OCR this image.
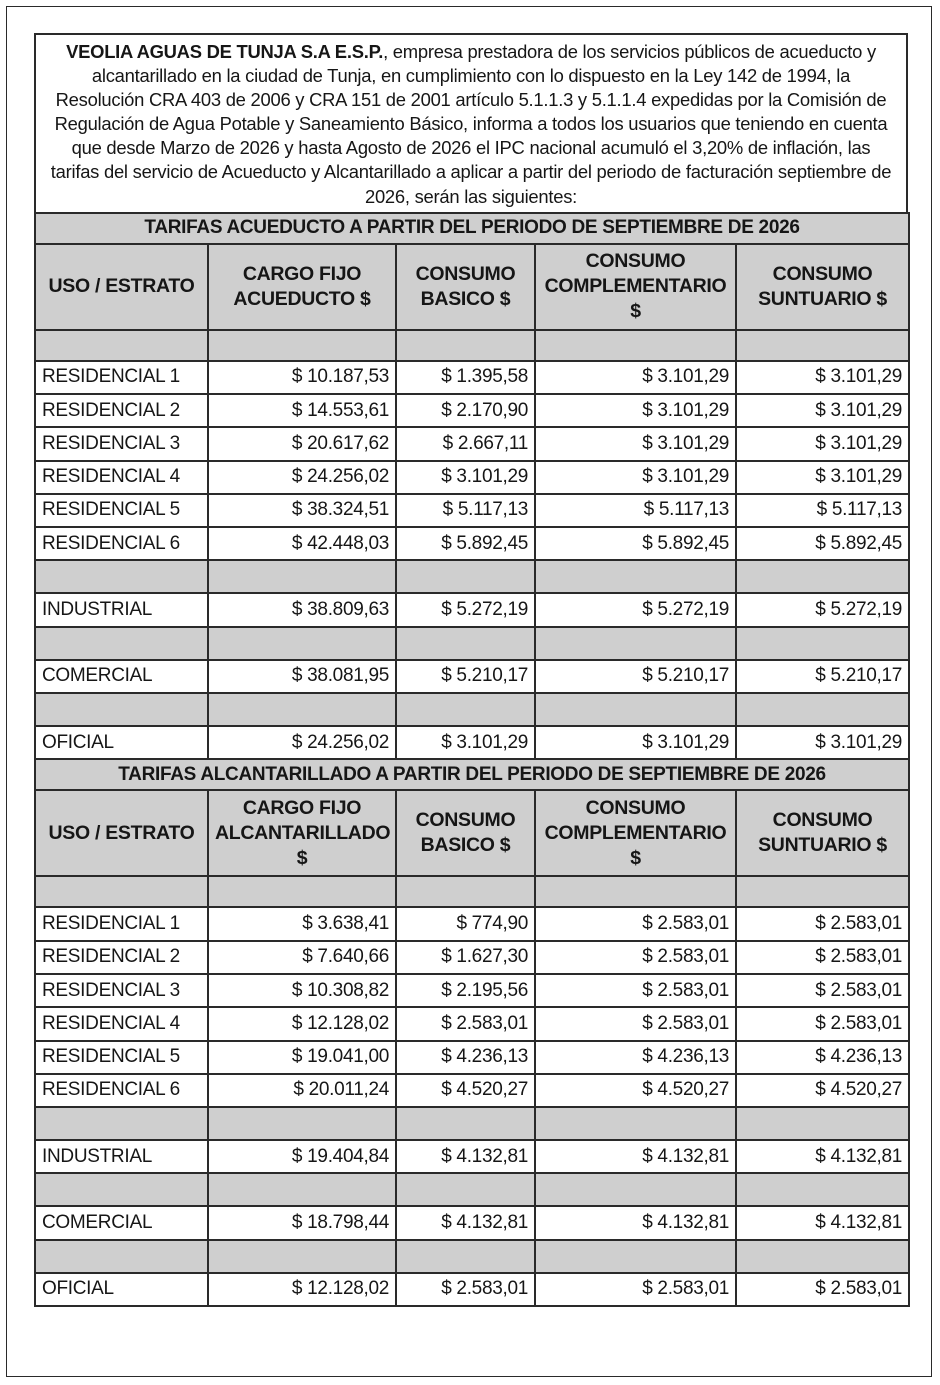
VEOLIA AGUAS DE TUNJA S.A E.S.P., empresa prestadora de los servicios públicos de acueducto y alcantarillado en la ciudad de Tunja, en cumplimiento con lo dispuesto en la Ley 142 de 1994, la Resolución CRA 403 de 2006 y CRA 151 de 2001 artículo 5.1.1.3 y 5.1.1.4 expedidas por la Comisión de Regulación de Agua Potable y Saneamiento Básico, informa a todos los usuarios que teniendo en cuenta que desde Marzo de 2026 y hasta Agosto de 2026 el IPC nacional acumuló el 3,20% de inflación, las tarifas del servicio de Acueducto y Alcantarillado a aplicar a partir del periodo de facturación septiembre de 2026, serán las siguientes:
TARIFAS ACUEDUCTO A PARTIR DEL PERIODO DE SEPTIEMBRE DE 2026				
USO / ESTRATO	CARGO FIJO ACUEDUCTO $	CONSUMO BASICO $	CONSUMO COMPLEMENTARIO $	CONSUMO SUNTUARIO $

RESIDENCIAL 1	$ 10.187,53	$ 1.395,58	$ 3.101,29	$ 3.101,29
RESIDENCIAL 2	$ 14.553,61	$ 2.170,90	$ 3.101,29	$ 3.101,29
RESIDENCIAL 3	$ 20.617,62	$ 2.667,11	$ 3.101,29	$ 3.101,29
RESIDENCIAL 4	$ 24.256,02	$ 3.101,29	$ 3.101,29	$ 3.101,29
RESIDENCIAL 5	$ 38.324,51	$ 5.117,13	$ 5.117,13	$ 5.117,13
RESIDENCIAL 6	$ 42.448,03	$ 5.892,45	$ 5.892,45	$ 5.892,45

INDUSTRIAL	$ 38.809,63	$ 5.272,19	$ 5.272,19	$ 5.272,19

COMERCIAL	$ 38.081,95	$ 5.210,17	$ 5.210,17	$ 5.210,17

OFICIAL	$ 24.256,02	$ 3.101,29	$ 3.101,29	$ 3.101,29
TARIFAS ALCANTARILLADO A PARTIR DEL PERIODO DE SEPTIEMBRE DE 2026				
USO / ESTRATO	CARGO FIJO ALCANTARILLADO $	CONSUMO BASICO $	CONSUMO COMPLEMENTARIO $	CONSUMO SUNTUARIO $

RESIDENCIAL 1	$ 3.638,41	$ 774,90	$ 2.583,01	$ 2.583,01
RESIDENCIAL 2	$ 7.640,66	$ 1.627,30	$ 2.583,01	$ 2.583,01
RESIDENCIAL 3	$ 10.308,82	$ 2.195,56	$ 2.583,01	$ 2.583,01
RESIDENCIAL 4	$ 12.128,02	$ 2.583,01	$ 2.583,01	$ 2.583,01
RESIDENCIAL 5	$ 19.041,00	$ 4.236,13	$ 4.236,13	$ 4.236,13
RESIDENCIAL 6	$ 20.011,24	$ 4.520,27	$ 4.520,27	$ 4.520,27

INDUSTRIAL	$ 19.404,84	$ 4.132,81	$ 4.132,81	$ 4.132,81

COMERCIAL	$ 18.798,44	$ 4.132,81	$ 4.132,81	$ 4.132,81

OFICIAL	$ 12.128,02	$ 2.583,01	$ 2.583,01	$ 2.583,01
